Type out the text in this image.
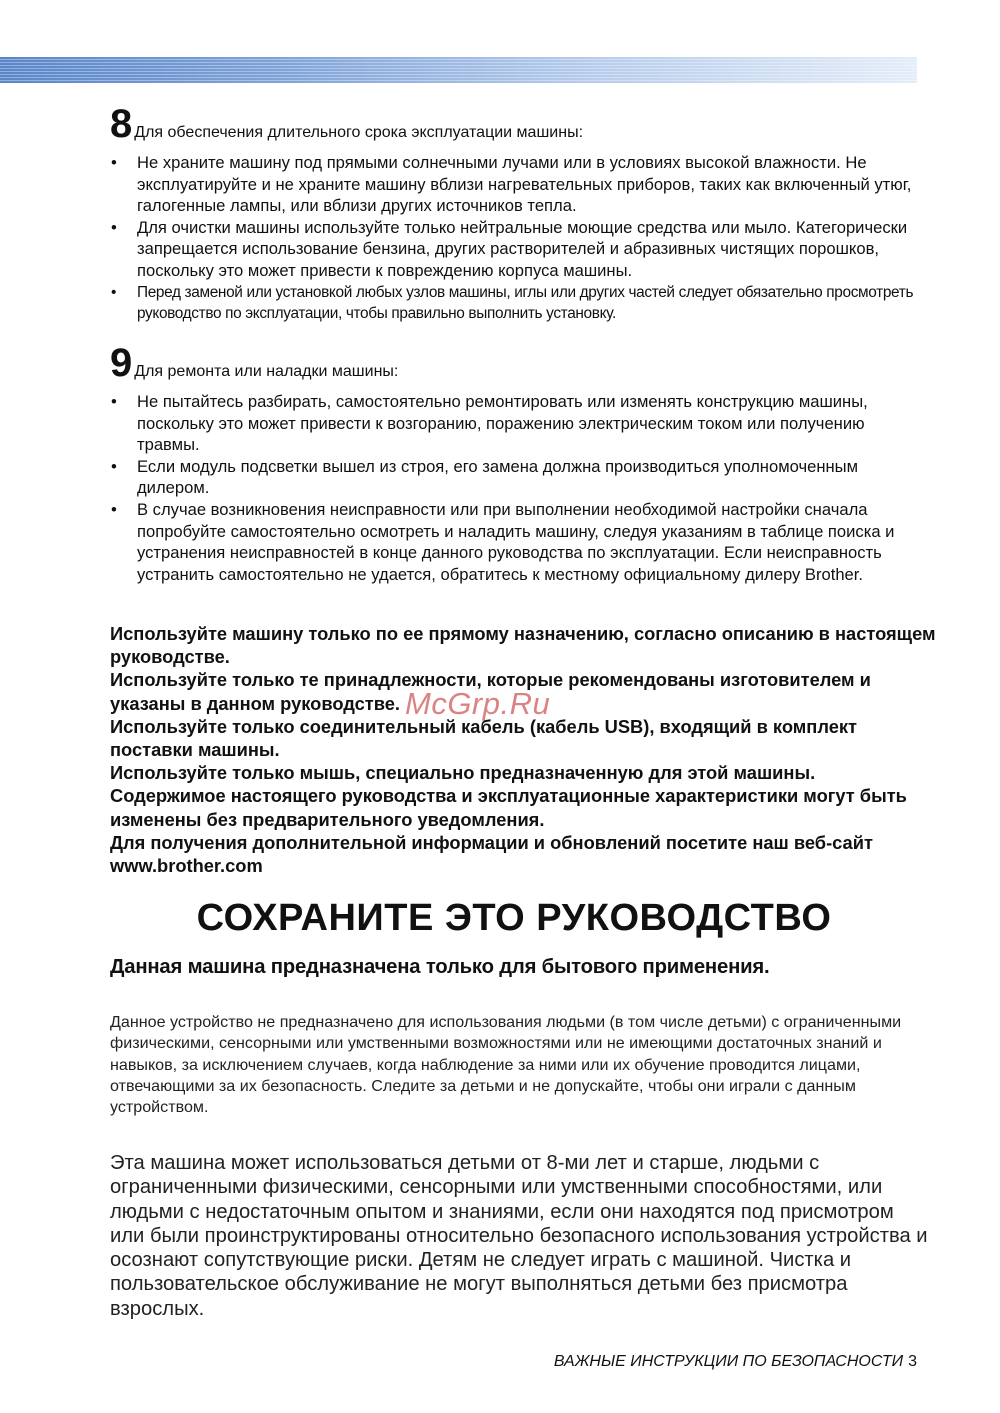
8 Для обеспечения длительного срока эксплуатации машины:
• Не храните машину под прямыми солнечными лучами или в условиях высокой влажности. Не эксплуатируйте и не храните машину вблизи нагревательных приборов, таких как включенный утюг, галогенные лампы, или вблизи других источников тепла.
• Для очистки машины используйте только нейтральные моющие средства или мыло. Категорически запрещается использование бензина, других растворителей и абразивных чистящих порошков, поскольку это может привести к повреждению корпуса машины.
• Перед заменой или установкой любых узлов машины, иглы или других частей следует обязательно просмотреть руководство по эксплуатации, чтобы правильно выполнить установку.
9 Для ремонта или наладки машины:
• Не пытайтесь разбирать, самостоятельно ремонтировать или изменять конструкцию машины, поскольку это может привести к возгоранию, поражению электрическим током или получению травмы.
• Если модуль подсветки вышел из строя, его замена должна производиться уполномоченным дилером.
• В случае возникновения неисправности или при выполнении необходимой настройки сначала попробуйте самостоятельно осмотреть и наладить машину, следуя указаниям в таблице поиска и устранения неисправностей в конце данного руководства по эксплуатации. Если неисправность устранить самостоятельно не удается, обратитесь к местному официальному дилеру Brother.

Используйте машину только по ее прямому назначению, согласно описанию в настоящем руководстве.

Используйте только те принадлежности, которые рекомендованы изготовителем и указаны в данном руководстве.

Используйте только соединительный кабель (кабель USB), входящий в комплект поставки машины.

Используйте только мышь, специально предназначенную для этой машины.

Содержимое настоящего руководства и эксплуатационные характеристики могут быть изменены без предварительного уведомления.

Для получения дополнительной информации и обновлений посетите наш веб-сайт www.brother.com

McGrp.Ru
СОХРАНИТЕ ЭТО РУКОВОДСТВО
Данная машина предназначена только для бытового применения.

Данное устройство не предназначено для использования людьми (в том числе детьми) с ограниченными физическими, сенсорными или умственными возможностями или не имеющими достаточных знаний и навыков, за исключением случаев, когда наблюдение за ними или их обучение проводится лицами, отвечающими за их безопасность. Следите за детьми и не допускайте, чтобы они играли с данным устройством.

Эта машина может использоваться детьми от 8-ми лет и старше, людьми с ограниченными физическими, сенсорными или умственными способностями, или людьми с недостаточным опытом и знаниями, если они находятся под присмотром или были проинструктированы относительно безопасного использования устройства и осознают сопутствующие риски. Детям не следует играть с машиной. Чистка и пользовательское обслуживание не могут выполняться детьми без присмотра взрослых.

ВАЖНЫЕ ИНСТРУКЦИИ ПО БЕЗОПАСНОСТИ 3
